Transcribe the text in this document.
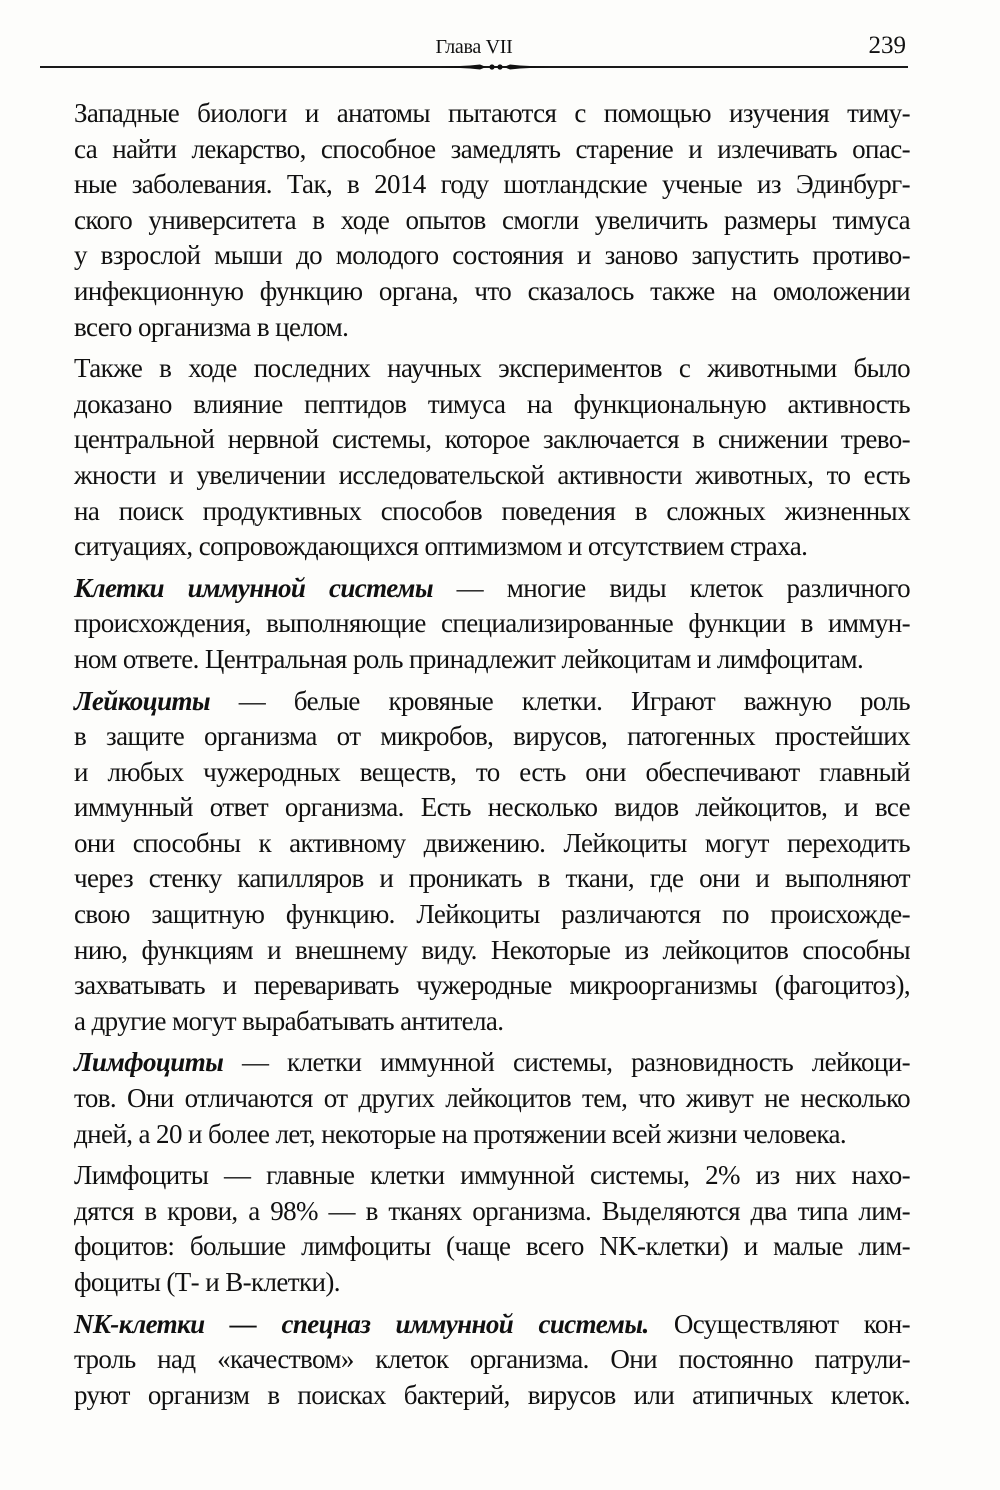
Глава VII	239
Западные биологи и анатомы пытаются с помощью изучения тиму-
са найти лекарство, способное замедлять старение и излечивать опас-
ные заболевания. Так, в 2014 году шотландские ученые из Эдинбург-
ского университета в ходе опытов смогли увеличить размеры тимуса
у взрослой мыши до молодого состояния и заново запустить противо-
инфекционную функцию органа, что сказалось также на омоложении
всего организма в целом.
Также в ходе последних научных экспериментов с животными было
доказано влияние пептидов тимуса на функциональную активность
центральной нервной системы, которое заключается в снижении трево-
жности и увеличении исследовательской активности животных, то есть
на поиск продуктивных способов поведения в сложных жизненных
ситуациях, сопровождающихся оптимизмом и отсутствием страха.
Клетки иммунной системы — многие виды клеток различного
происхождения, выполняющие специализированные функции в иммун-
ном ответе. Центральная роль принадлежит лейкоцитам и лимфоцитам.
Лейкоциты — белые кровяные клетки. Играют важную роль
в защите организма от микробов, вирусов, патогенных простейших
и любых чужеродных веществ, то есть они обеспечивают главный
иммунный ответ организма. Есть несколько видов лейкоцитов, и все
они способны к активному движению. Лейкоциты могут переходить
через стенку капилляров и проникать в ткани, где они и выполняют
свою защитную функцию. Лейкоциты различаются по происхожде-
нию, функциям и внешнему виду. Некоторые из лейкоцитов способны
захватывать и переваривать чужеродные микроорганизмы (фагоцитоз),
а другие могут вырабатывать антитела.
Лимфоциты — клетки иммунной системы, разновидность лейкоци-
тов. Они отличаются от других лейкоцитов тем, что живут не несколько
дней, а 20 и более лет, некоторые на протяжении всей жизни человека.
Лимфоциты — главные клетки иммунной системы, 2% из них нахо-
дятся в крови, а 98% — в тканях организма. Выделяются два типа лим-
фоцитов: большие лимфоциты (чаще всего NK-клетки) и малые лим-
фоциты (Т- и В-клетки).
NK-клетки — спецназ иммунной системы. Осуществляют кон-
троль над «качеством» клеток организма. Они постоянно патрули-
руют организм в поисках бактерий, вирусов или атипичных клеток.
